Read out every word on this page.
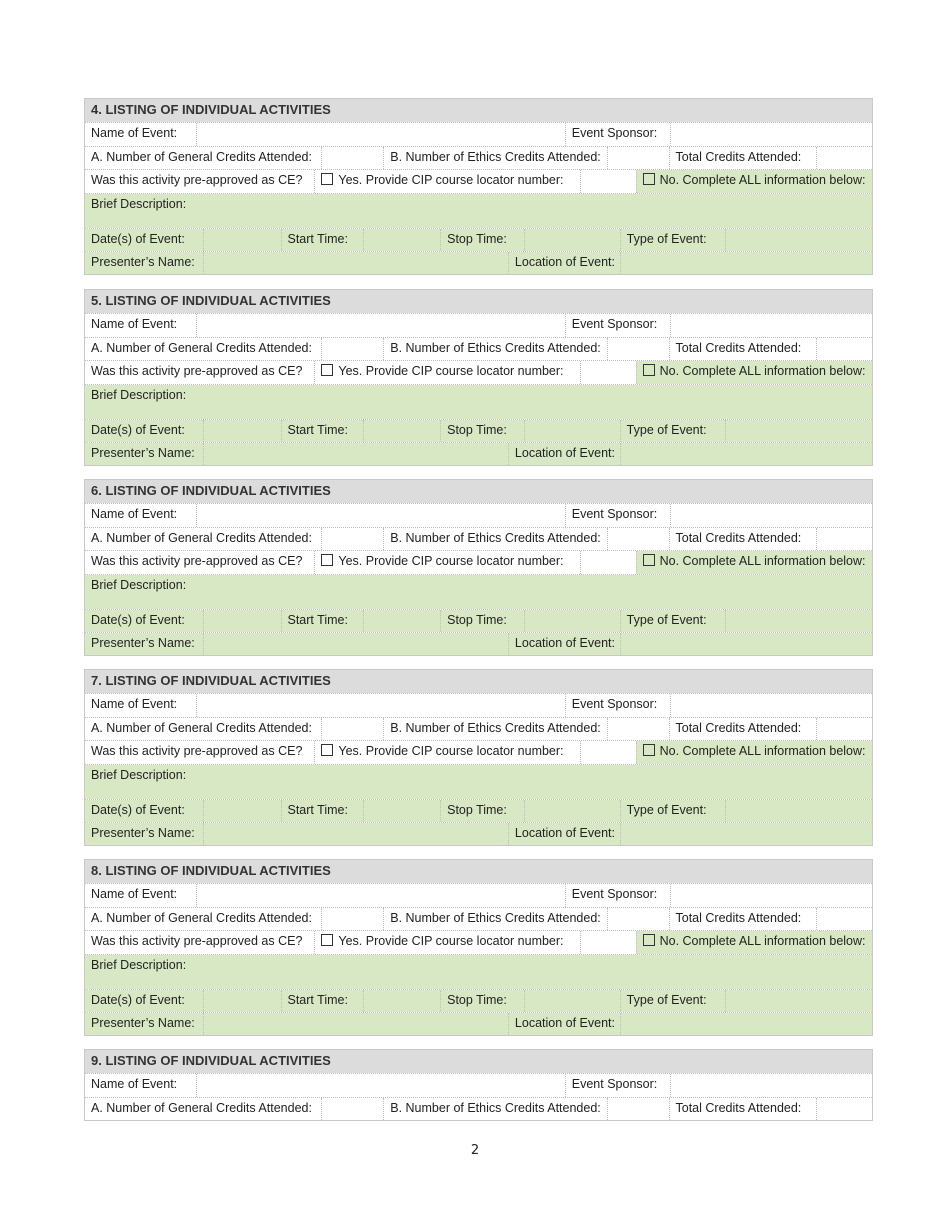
2
4. LISTING OF INDIVIDUAL ACTIVITIES
Name of Event:	Event Sponsor:
A. Number of General Credits Attended:	B. Number of Ethics Credits Attended:	Total Credits Attended:
Was this activity pre-approved as CE?	Yes. Provide CIP course locator number:	No. Complete ALL information below:
Brief Description:
Date(s) of Event:	Start Time:	Stop Time:	Type of Event:
Presenter’s Name:	Location of Event:
5. LISTING OF INDIVIDUAL ACTIVITIES
Name of Event:	Event Sponsor:
A. Number of General Credits Attended:	B. Number of Ethics Credits Attended:	Total Credits Attended:
Was this activity pre-approved as CE?	Yes. Provide CIP course locator number:	No. Complete ALL information below:
Brief Description:
Date(s) of Event:	Start Time:	Stop Time:	Type of Event:
Presenter’s Name:	Location of Event:
6. LISTING OF INDIVIDUAL ACTIVITIES
Name of Event:	Event Sponsor:
A. Number of General Credits Attended:	B. Number of Ethics Credits Attended:	Total Credits Attended:
Was this activity pre-approved as CE?	Yes. Provide CIP course locator number:	No. Complete ALL information below:
Brief Description:
Date(s) of Event:	Start Time:	Stop Time:	Type of Event:
Presenter’s Name:	Location of Event:
7. LISTING OF INDIVIDUAL ACTIVITIES
Name of Event:	Event Sponsor:
A. Number of General Credits Attended:	B. Number of Ethics Credits Attended:	Total Credits Attended:
Was this activity pre-approved as CE?	Yes. Provide CIP course locator number:	No. Complete ALL information below:
Brief Description:
Date(s) of Event:	Start Time:	Stop Time:	Type of Event:
Presenter’s Name:	Location of Event:
8. LISTING OF INDIVIDUAL ACTIVITIES
Name of Event:	Event Sponsor:
A. Number of General Credits Attended:	B. Number of Ethics Credits Attended:	Total Credits Attended:
Was this activity pre-approved as CE?	Yes. Provide CIP course locator number:	No. Complete ALL information below:
Brief Description:
Date(s) of Event:	Start Time:	Stop Time:	Type of Event:
Presenter’s Name:	Location of Event:
9. LISTING OF INDIVIDUAL ACTIVITIES
Name of Event:	Event Sponsor:
A. Number of General Credits Attended:	B. Number of Ethics Credits Attended:	Total Credits Attended:
